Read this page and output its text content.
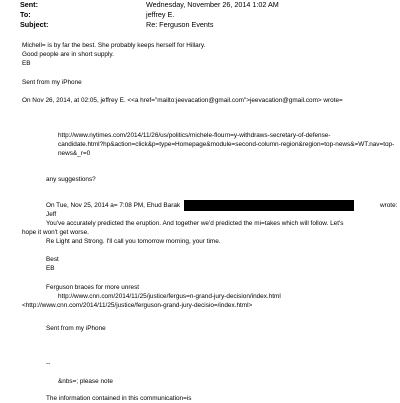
Sent:	Wednesday, November 26, 2014 1:02 AM
To:	jeffrey E.
Subject:	Re: Ferguson Events
Michell= is by far the best. She probably keeps herself for Hillary.
Good people are in short supply.
EB
Sent from my iPhone
On Nov 26, 2014, at 02:05, jeffrey E. <<a href="mailto:jeevacation@gmail.com">jeevacation@gmail.com> wrote=
http://www.nytimes.com/2014/11/26/us/politics/michele-flourn=y-withdraws-secretary-of-defense-
candidate.html?hp&action=click&p=type=Homepage&module=second-column-region&region=top-news&=WT.nav=top-
news&_r=0
any suggestions?
On Tue, Nov 25, 2014 a= 7:08 PM, Ehud Barak	wrote:
Jeff
You've accurately predicted the eruption. And together we'd predicted the mi=takes which will follow. Let's
hope it won't get worse.
Re Light and Strong. I'll call you tomorrow morning, your time.
Best
EB
Ferguson braces for more unrest
http://www.cnn.com/2014/11/25/justice/fergus=n-grand-jury-decision/index.html
<http://www.cnn.com/2014/11/25/justice/ferguson-grand-jury-decisio=/index.html>
Sent from my iPhone
--
&nbs=; please note
The information contained in this communication=is
